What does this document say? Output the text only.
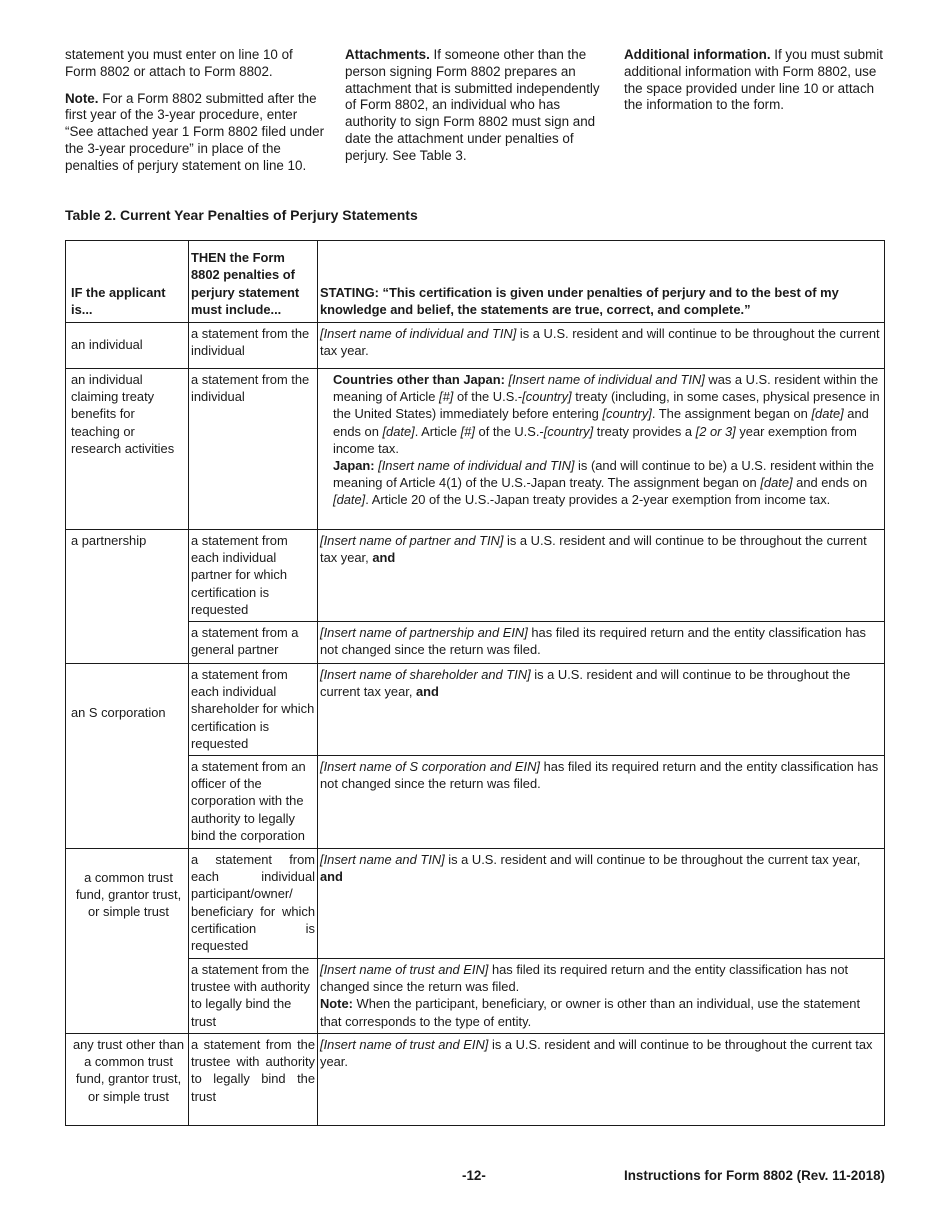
statement you must enter on line 10 of Form 8802 or attach to Form 8802.

Note. For a Form 8802 submitted after the first year of the 3-year procedure, enter “See attached year 1 Form 8802 filed under the 3-year procedure” in place of the penalties of perjury statement on line 10.

Attachments. If someone other than the person signing Form 8802 prepares an attachment that is submitted independently of Form 8802, an individual who has authority to sign Form 8802 must sign and date the attachment under penalties of perjury. See Table 3.

Additional information. If you must submit additional information with Form 8802, use the space provided under line 10 or attach the information to the form.

Table 2. Current Year Penalties of Perjury Statements
IF the applicant is...	THEN the Form 8802 penalties of perjury statement must include...	STATING: “This certification is given under penalties of perjury and to the best of my knowledge and belief, the statements are true, correct, and complete.”
an individual	a statement from the individual	[Insert name of individual and TIN] is a U.S. resident and will continue to be throughout the current tax year.
an individual claiming treaty benefits for teaching or research activities	a statement from the individual	Countries other than Japan: [Insert name of individual and TIN] was a U.S. resident within the meaning of Article [#] of the U.S.-[country] treaty (including, in some cases, physical presence in the United States) immediately before entering [country]. The assignment began on [date] and ends on [date]. Article [#] of the U.S.-[country] treaty provides a [2 or 3] year exemption from income tax.
Japan: [Insert name of individual and TIN] is (and will continue to be) a U.S. resident within the meaning of Article 4(1) of the U.S.-Japan treaty. The assignment began on [date] and ends on [date]. Article 20 of the U.S.-Japan treaty provides a 2-year exemption from income tax.
a partnership	a statement from each individual partner for which certification is requested	[Insert name of partner and TIN] is a U.S. resident and will continue to be throughout the current tax year, and
	a statement from a general partner	[Insert name of partnership and EIN] has filed its required return and the entity classification has not changed since the return was filed.
an S corporation	a statement from each individual shareholder for which certification is requested	[Insert name of shareholder and TIN] is a U.S. resident and will continue to be throughout the current tax year, and
	a statement from an officer of the corporation with the authority to legally bind the corporation	[Insert name of S corporation and EIN] has filed its required return and the entity classification has not changed since the return was filed.
a common trust fund, grantor trust, or simple trust	a statement from each individual participant/owner/ beneficiary for which certification is requested	[Insert name and TIN] is a U.S. resident and will continue to be throughout the current tax year, and
	a statement from the trustee with authority to legally bind the trust	[Insert name of trust and EIN] has filed its required return and the entity classification has not changed since the return was filed.
Note: When the participant, beneficiary, or owner is other than an individual, use the statement that corresponds to the type of entity.
any trust other than a common trust fund, grantor trust, or simple trust	a statement from the trustee with authority to legally bind the trust	[Insert name of trust and EIN] is a U.S. resident and will continue to be throughout the current tax year.
-12-	Instructions for Form 8802 (Rev. 11-2018)
